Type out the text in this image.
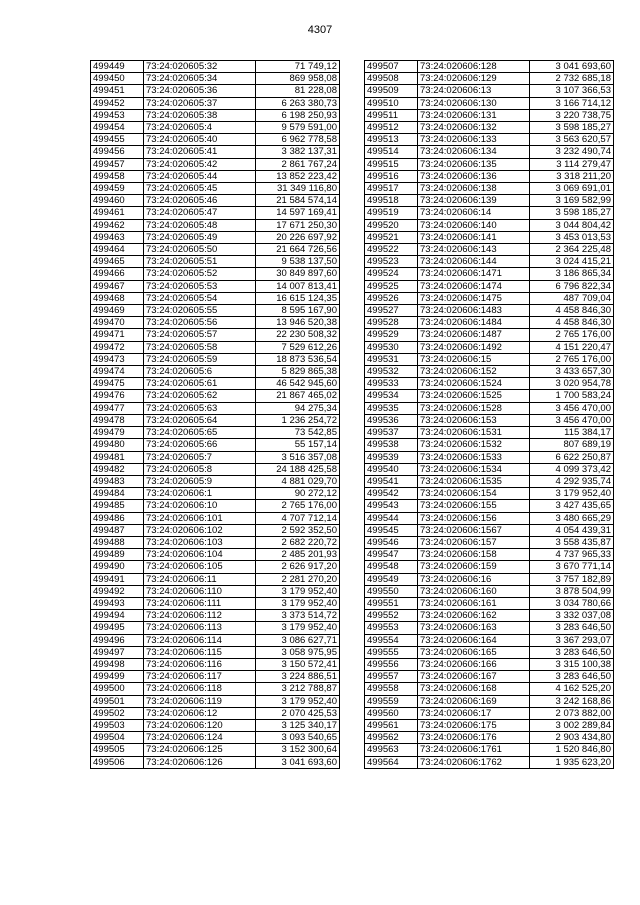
4307
499449	73:24:020605:32	71 749,12
499450	73:24:020605:34	869 958,08
499451	73:24:020605:36	81 228,08
499452	73:24:020605:37	6 263 380,73
499453	73:24:020605:38	6 198 250,93
499454	73:24:020605:4	9 579 591,00
499455	73:24:020605:40	6 962 778,58
499456	73:24:020605:41	3 382 137,31
499457	73:24:020605:42	2 861 767,24
499458	73:24:020605:44	13 852 223,42
499459	73:24:020605:45	31 349 116,80
499460	73:24:020605:46	21 584 574,14
499461	73:24:020605:47	14 597 169,41
499462	73:24:020605:48	17 671 250,30
499463	73:24:020605:49	20 226 697,92
499464	73:24:020605:50	21 664 726,56
499465	73:24:020605:51	9 538 137,50
499466	73:24:020605:52	30 849 897,60
499467	73:24:020605:53	14 007 813,41
499468	73:24:020605:54	16 615 124,35
499469	73:24:020605:55	8 595 167,90
499470	73:24:020605:56	13 946 520,38
499471	73:24:020605:57	22 230 508,32
499472	73:24:020605:58	7 529 612,26
499473	73:24:020605:59	18 873 536,54
499474	73:24:020605:6	5 829 865,38
499475	73:24:020605:61	46 542 945,60
499476	73:24:020605:62	21 867 465,02
499477	73:24:020605:63	94 275,34
499478	73:24:020605:64	1 236 254,72
499479	73:24:020605:65	73 542,85
499480	73:24:020605:66	55 157,14
499481	73:24:020605:7	3 516 357,08
499482	73:24:020605:8	24 188 425,58
499483	73:24:020605:9	4 881 029,70
499484	73:24:020606:1	90 272,12
499485	73:24:020606:10	2 765 176,00
499486	73:24:020606:101	4 707 712,14
499487	73:24:020606:102	2 592 352,50
499488	73:24:020606:103	2 682 220,72
499489	73:24:020606:104	2 485 201,93
499490	73:24:020606:105	2 626 917,20
499491	73:24:020606:11	2 281 270,20
499492	73:24:020606:110	3 179 952,40
499493	73:24:020606:111	3 179 952,40
499494	73:24:020606:112	3 373 514,72
499495	73:24:020606:113	3 179 952,40
499496	73:24:020606:114	3 086 627,71
499497	73:24:020606:115	3 058 975,95
499498	73:24:020606:116	3 150 572,41
499499	73:24:020606:117	3 224 886,51
499500	73:24:020606:118	3 212 788,87
499501	73:24:020606:119	3 179 952,40
499502	73:24:020606:12	2 070 425,53
499503	73:24:020606:120	3 125 340,17
499504	73:24:020606:124	3 093 540,65
499505	73:24:020606:125	3 152 300,64
499506	73:24:020606:126	3 041 693,60
499507	73:24:020606:128	3 041 693,60
499508	73:24:020606:129	2 732 685,18
499509	73:24:020606:13	3 107 366,53
499510	73:24:020606:130	3 166 714,12
499511	73:24:020606:131	3 220 738,75
499512	73:24:020606:132	3 598 185,27
499513	73:24:020606:133	3 563 620,57
499514	73:24:020606:134	3 232 490,74
499515	73:24:020606:135	3 114 279,47
499516	73:24:020606:136	3 318 211,20
499517	73:24:020606:138	3 069 691,01
499518	73:24:020606:139	3 169 582,99
499519	73:24:020606:14	3 598 185,27
499520	73:24:020606:140	3 044 804,42
499521	73:24:020606:141	3 453 013,53
499522	73:24:020606:143	2 364 225,48
499523	73:24:020606:144	3 024 415,21
499524	73:24:020606:1471	3 186 865,34
499525	73:24:020606:1474	6 796 822,34
499526	73:24:020606:1475	487 709,04
499527	73:24:020606:1483	4 458 846,30
499528	73:24:020606:1484	4 458 846,30
499529	73:24:020606:1487	2 765 176,00
499530	73:24:020606:1492	4 151 220,47
499531	73:24:020606:15	2 765 176,00
499532	73:24:020606:152	3 433 657,30
499533	73:24:020606:1524	3 020 954,78
499534	73:24:020606:1525	1 700 583,24
499535	73:24:020606:1528	3 456 470,00
499536	73:24:020606:153	3 456 470,00
499537	73:24:020606:1531	115 384,17
499538	73:24:020606:1532	807 689,19
499539	73:24:020606:1533	6 622 250,87
499540	73:24:020606:1534	4 099 373,42
499541	73:24:020606:1535	4 292 935,74
499542	73:24:020606:154	3 179 952,40
499543	73:24:020606:155	3 427 435,65
499544	73:24:020606:156	3 480 665,29
499545	73:24:020606:1567	4 054 439,31
499546	73:24:020606:157	3 558 435,87
499547	73:24:020606:158	4 737 965,33
499548	73:24:020606:159	3 670 771,14
499549	73:24:020606:16	3 757 182,89
499550	73:24:020606:160	3 878 504,99
499551	73:24:020606:161	3 034 780,66
499552	73:24:020606:162	3 332 037,08
499553	73:24:020606:163	3 283 646,50
499554	73:24:020606:164	3 367 293,07
499555	73:24:020606:165	3 283 646,50
499556	73:24:020606:166	3 315 100,38
499557	73:24:020606:167	3 283 646,50
499558	73:24:020606:168	4 162 525,20
499559	73:24:020606:169	3 242 168,86
499560	73:24:020606:17	2 073 882,00
499561	73:24:020606:175	3 002 289,84
499562	73:24:020606:176	2 903 434,80
499563	73:24:020606:1761	1 520 846,80
499564	73:24:020606:1762	1 935 623,20
